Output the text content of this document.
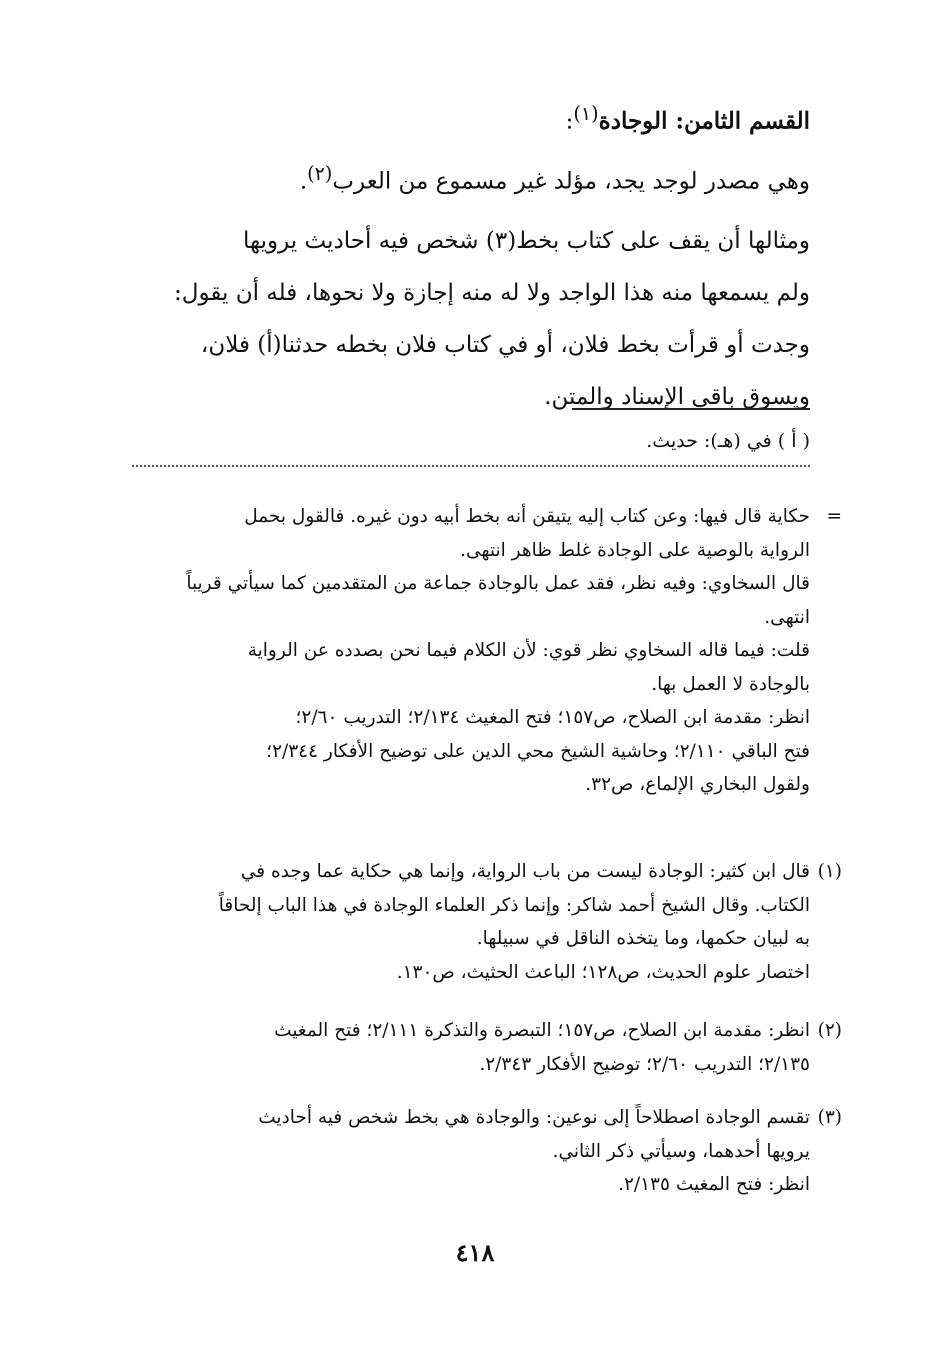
القسم الثامن: الوجادة$^{(١)}$:
وهي مصدر لوجد يجد، مؤلد غير مسموع من العرب$^{(٢)}$.
ومثالها أن يقف على كتاب بخط(٣) شخص فيه أحاديث يرويها
ولم يسمعها منه هذا الواجد ولا له منه إجازة ولا نحوها، فله أن يقول:
وجدت أو قرأت بخط فلان، أو في كتاب فلان بخطه حدثنا(أ) فلان،
ويسوق باقي الإسناد والمتن.
( أ ) في (هـ): حديث.
=
حكاية قال فيها: وعن كتاب إليه يتيقن أنه بخط أبيه دون غيره. فالقول بحمل
الرواية بالوصية على الوجادة غلط ظاهر انتهى.
قال السخاوي: وفيه نظر، فقد عمل بالوجادة جماعة من المتقدمين كما سيأتي قريباً
انتهى.
قلت: فيما قاله السخاوي نظر قوي: لأن الكلام فيما نحن بصدده عن الرواية
بالوجادة لا العمل بها.
انظر: مقدمة ابن الصلاح، ص١٥٧؛ فتح المغيث ٢/١٣٤؛ التدريب ٢/٦٠؛
فتح الباقي ٢/١١٠؛ وحاشية الشيخ محي الدين على توضيح الأفكار ٢/٣٤٤؛
ولقول البخاري الإلماع، ص٣٢.
(١)
قال ابن كثير: الوجادة ليست من باب الرواية، وإنما هي حكاية عما وجده في
الكتاب. وقال الشيخ أحمد شاكر: وإنما ذكر العلماء الوجادة في هذا الباب إلحاقاً
به لبيان حكمها، وما يتخذه الناقل في سبيلها.
اختصار علوم الحديث، ص١٢٨؛ الباعث الحثيث، ص١٣٠.
(٢)
انظر: مقدمة ابن الصلاح، ص١٥٧؛ التبصرة والتذكرة ٢/١١١؛ فتح المغيث
٢/١٣٥؛ التدريب ٢/٦٠؛ توضيح الأفكار ٢/٣٤٣.
(٣)
تقسم الوجادة اصطلاحاً إلى نوعين: والوجادة هي بخط شخص فيه أحاديث
يرويها أحدهما، وسيأتي ذكر الثاني.
انظر: فتح المغيث ٢/١٣٥.
٤١٨
